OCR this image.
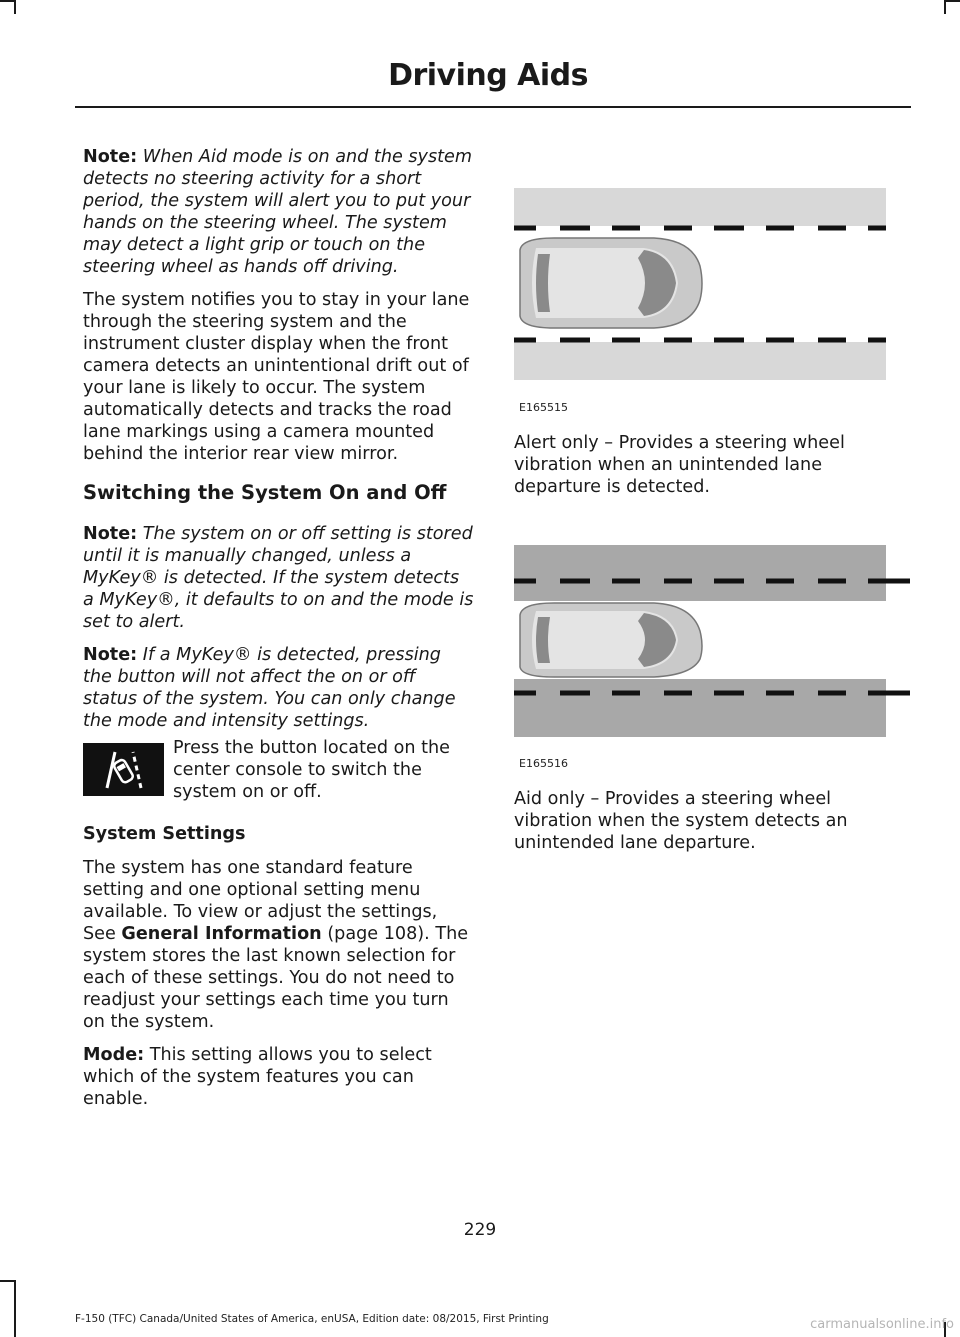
Driving Aids

Note: When Aid mode is on and the system detects no steering activity for a short period, the system will alert you to put your hands on the steering wheel. The system may detect a light grip or touch on the steering wheel as hands off driving.

The system notifies you to stay in your lane through the steering system and the instrument cluster display when the front camera detects an unintentional drift out of your lane is likely to occur. The system automatically detects and tracks the road lane markings using a camera mounted behind the interior rear view mirror.

Switching the System On and Off

Note: The system on or off setting is stored until it is manually changed, unless a MyKey® is detected. If the system detects a MyKey®, it defaults to on and the mode is set to alert.

Note: If a MyKey® is detected, pressing the button will not affect the on or off status of the system. You can only change the mode and intensity settings.

Press the button located on the center console to switch the system on or off.

System Settings

The system has one standard feature setting and one optional setting menu available. To view or adjust the settings, See General Information (page 108). The system stores the last known selection for each of these settings. You do not need to readjust your settings each time you turn on the system.

Mode: This setting allows you to select which of the system features you can enable.

E165515

Alert only – Provides a steering wheel vibration when an unintended lane departure is detected.

E165516

Aid only – Provides a steering wheel vibration when the system detects an unintended lane departure.

229
F-150 (TFC) Canada/United States of America, enUSA, Edition date: 08/2015, First Printing	carmanualsonline.info
